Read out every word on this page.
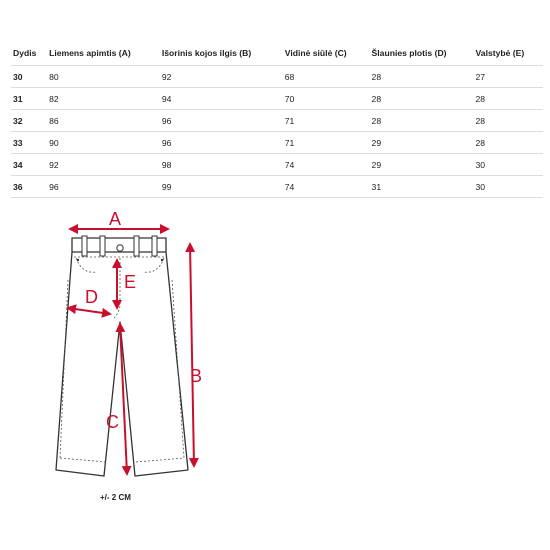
Dydis	Liemens apimtis (A)	Išorinis kojos ilgis (B)	Vidinė siūlė (C)	Šlaunies plotis (D)	Valstybė (E)
30	80	92	68	28	27
31	82	94	70	28	28
32	86	96	71	28	28
33	90	96	71	29	28
34	92	98	74	29	30
36	96	99	74	31	30
A
B
C
D
E
+/- 2 CM
